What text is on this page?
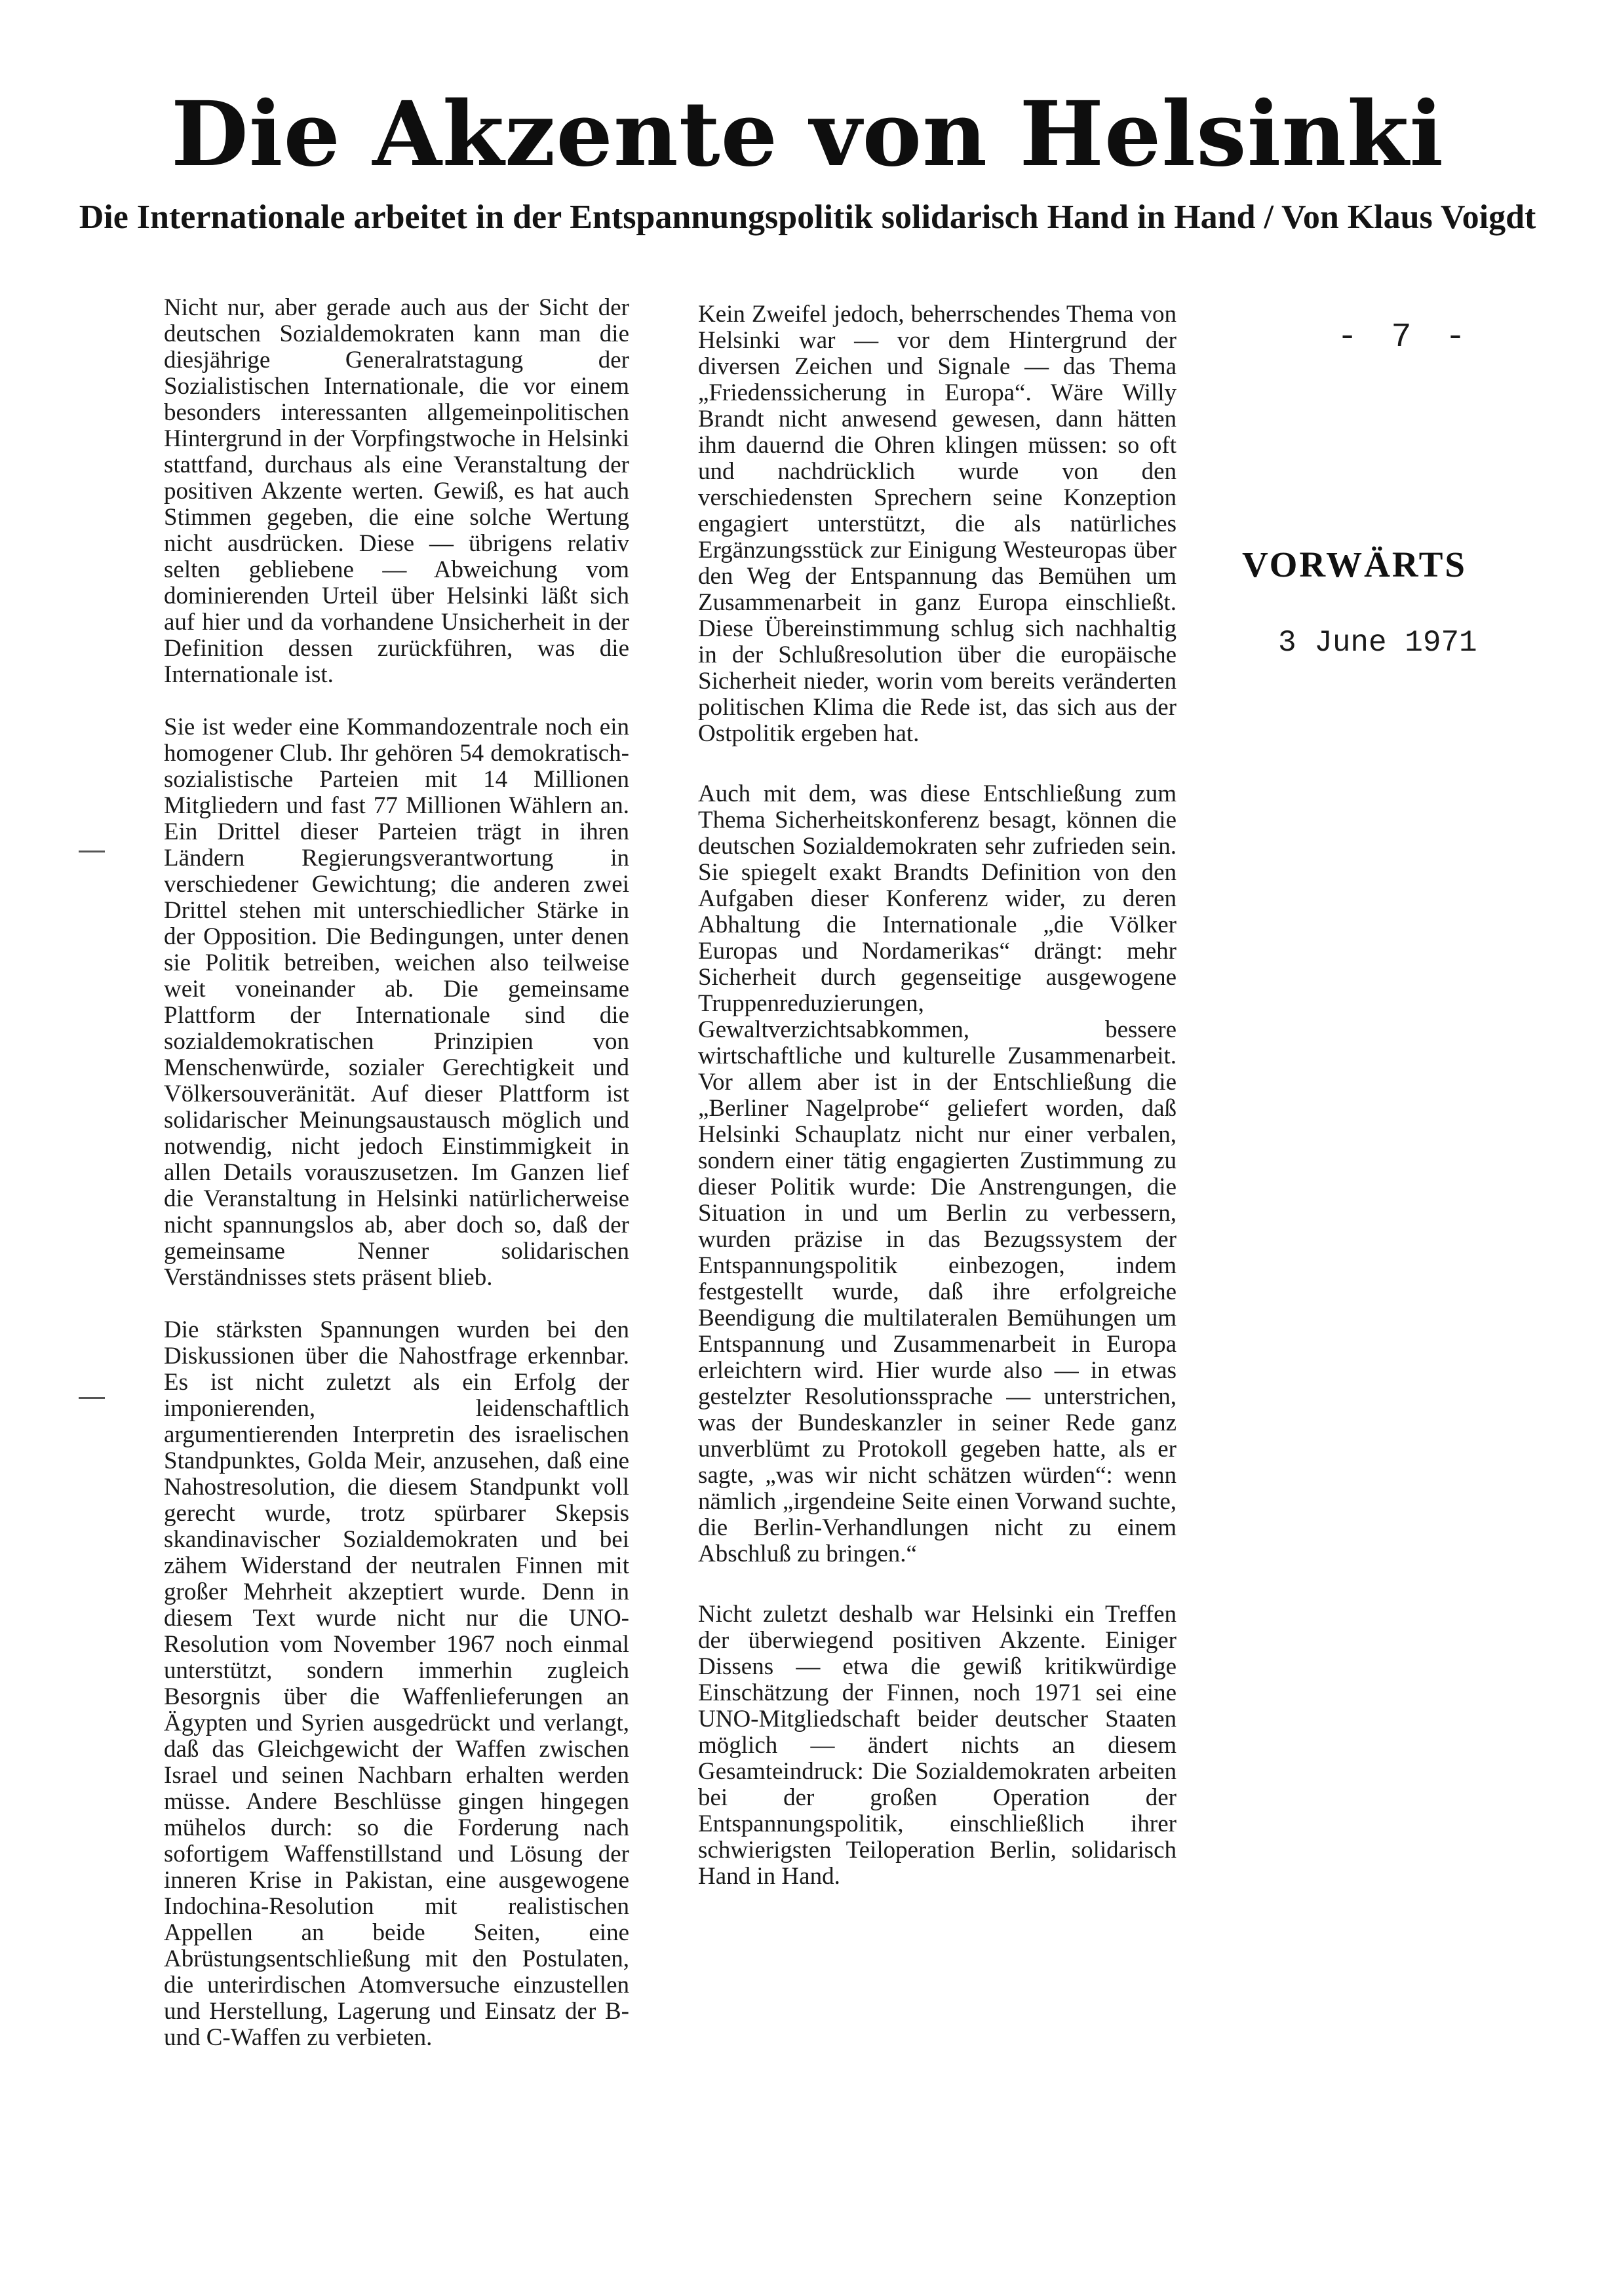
Die Akzente von Helsinki
Die Internationale arbeitet in der Entspannungspolitik solidarisch Hand in Hand / Von Klaus Voigdt

Nicht nur, aber gerade auch aus der Sicht der deutschen Sozialdemokraten kann man die diesjährige Generalratstagung der Sozialistischen Internationale, die vor einem besonders interessanten allgemeinpolitischen Hintergrund in der Vorpfingstwoche in Helsinki stattfand, durchaus als eine Veranstaltung der positiven Akzente werten. Gewiß, es hat auch Stimmen gegeben, die eine solche Wertung nicht ausdrücken. Diese — übrigens relativ selten gebliebene — Abweichung vom dominierenden Urteil über Helsinki läßt sich auf hier und da vorhandene Unsicherheit in der Definition dessen zurückführen, was die Internationale ist.

Sie ist weder eine Kommandozentrale noch ein homogener Club. Ihr gehören 54 demokratisch-sozialistische Parteien mit 14 Millionen Mitgliedern und fast 77 Millionen Wählern an. Ein Drittel dieser Parteien trägt in ihren Ländern Regierungsverantwortung in verschiedener Gewichtung; die anderen zwei Drittel stehen mit unterschiedlicher Stärke in der Opposition. Die Bedingungen, unter denen sie Politik betreiben, weichen also teilweise weit voneinander ab. Die gemeinsame Plattform der Internationale sind die sozialdemokratischen Prinzipien von Menschenwürde, sozialer Gerechtigkeit und Völkersouveränität. Auf dieser Plattform ist solidarischer Meinungsaustausch möglich und notwendig, nicht jedoch Einstimmigkeit in allen Details vorauszusetzen. Im Ganzen lief die Veranstaltung in Helsinki natürlicherweise nicht spannungslos ab, aber doch so, daß der gemeinsame Nenner solidarischen Verständnisses stets präsent blieb.

Die stärksten Spannungen wurden bei den Diskussionen über die Nahostfrage erkennbar. Es ist nicht zuletzt als ein Erfolg der imponierenden, leidenschaftlich argumentierenden Interpretin des israelischen Standpunktes, Golda Meir, anzusehen, daß eine Nahostresolution, die diesem Standpunkt voll gerecht wurde, trotz spürbarer Skepsis skandinavischer Sozialdemokraten und bei zähem Widerstand der neutralen Finnen mit großer Mehrheit akzeptiert wurde. Denn in diesem Text wurde nicht nur die UNO-Resolution vom November 1967 noch einmal unterstützt, sondern immerhin zugleich Besorgnis über die Waffenlieferungen an Ägypten und Syrien ausgedrückt und verlangt, daß das Gleichgewicht der Waffen zwischen Israel und seinen Nachbarn erhalten werden müsse. Andere Beschlüsse gingen hingegen mühelos durch: so die Forderung nach sofortigem Waffenstillstand und Lösung der inneren Krise in Pakistan, eine ausgewogene Indochina-Resolution mit realistischen Appellen an beide Seiten, eine Abrüstungsentschließung mit den Postulaten, die unterirdischen Atomversuche einzustellen und Herstellung, Lagerung und Einsatz der B- und C-Waffen zu verbieten.

Kein Zweifel jedoch, beherrschendes Thema von Helsinki war — vor dem Hintergrund der diversen Zeichen und Signale — das Thema „Friedenssicherung in Europa“. Wäre Willy Brandt nicht anwesend gewesen, dann hätten ihm dauernd die Ohren klingen müssen: so oft und nachdrücklich wurde von den verschiedensten Sprechern seine Konzeption engagiert unterstützt, die als natürliches Ergänzungsstück zur Einigung Westeuropas über den Weg der Entspannung das Bemühen um Zusammenarbeit in ganz Europa einschließt. Diese Übereinstimmung schlug sich nachhaltig in der Schlußresolution über die europäische Sicherheit nieder, worin vom bereits veränderten politischen Klima die Rede ist, das sich aus der Ostpolitik ergeben hat.

Auch mit dem, was diese Entschließung zum Thema Sicherheitskonferenz besagt, können die deutschen Sozialdemokraten sehr zufrieden sein. Sie spiegelt exakt Brandts Definition von den Aufgaben dieser Konferenz wider, zu deren Abhaltung die Internationale „die Völker Europas und Nordamerikas“ drängt: mehr Sicherheit durch gegenseitige ausgewogene Truppenreduzierungen, Gewaltverzichtsabkommen, bessere wirtschaftliche und kulturelle Zusammenarbeit. Vor allem aber ist in der Entschließung die „Berliner Nagelprobe“ geliefert worden, daß Helsinki Schauplatz nicht nur einer verbalen, sondern einer tätig engagierten Zustimmung zu dieser Politik wurde: Die Anstrengungen, die Situation in und um Berlin zu verbessern, wurden präzise in das Bezugssystem der Entspannungspolitik einbezogen, indem festgestellt wurde, daß ihre erfolgreiche Beendigung die multilateralen Bemühungen um Entspannung und Zusammenarbeit in Europa erleichtern wird. Hier wurde also — in etwas gestelzter Resolutionssprache — unterstrichen, was der Bundeskanzler in seiner Rede ganz unverblümt zu Protokoll gegeben hatte, als er sagte, „was wir nicht schätzen würden“: wenn nämlich „irgendeine Seite einen Vorwand suchte, die Berlin-Verhandlungen nicht zu einem Abschluß zu bringen.“

Nicht zuletzt deshalb war Helsinki ein Treffen der überwiegend positiven Akzente. Einiger Dissens — etwa die gewiß kritikwürdige Einschätzung der Finnen, noch 1971 sei eine UNO-Mitgliedschaft beider deutscher Staaten möglich — ändert nichts an diesem Gesamteindruck: Die Sozialdemokraten arbeiten bei der großen Operation der Entspannungspolitik, einschließlich ihrer schwierigsten Teiloperation Berlin, solidarisch Hand in Hand.

- 7 -
VORWÄRTS
3 June 1971
